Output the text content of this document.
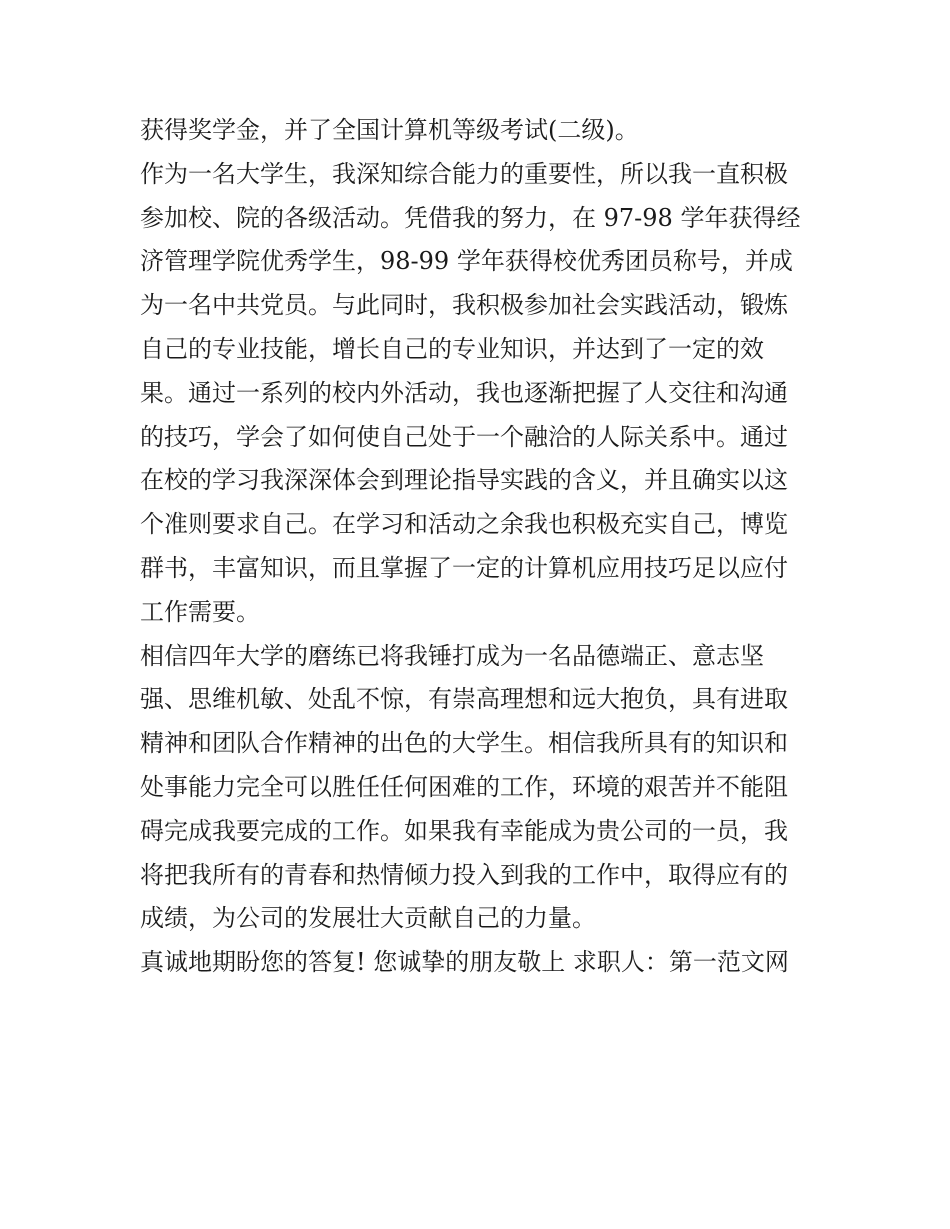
获得奖学金，并了全国计算机等级考试(二级)。
作为一名大学生，我深知综合能力的重要性，所以我一直积极
参加校、院的各级活动。凭借我的努力，在 97-98 学年获得经
济管理学院优秀学生，98-99 学年获得校优秀团员称号，并成
为一名中共党员。与此同时，我积极参加社会实践活动，锻炼
自己的专业技能，增长自己的专业知识，并达到了一定的效
果。通过一系列的校内外活动，我也逐渐把握了人交往和沟通
的技巧，学会了如何使自己处于一个融洽的人际关系中。通过
在校的学习我深深体会到理论指导实践的含义，并且确实以这
个准则要求自己。在学习和活动之余我也积极充实自己，博览
群书，丰富知识，而且掌握了一定的计算机应用技巧足以应付
工作需要。
相信四年大学的磨练已将我锤打成为一名品德端正、意志坚
强、思维机敏、处乱不惊，有崇高理想和远大抱负，具有进取
精神和团队合作精神的出色的大学生。相信我所具有的知识和
处事能力完全可以胜任任何困难的工作，环境的艰苦并不能阻
碍完成我要完成的工作。如果我有幸能成为贵公司的一员，我
将把我所有的青春和热情倾力投入到我的工作中，取得应有的
成绩，为公司的发展壮大贡献自己的力量。
真诚地期盼您的答复! 您诚挚的朋友敬上 求职人：第一范文网
